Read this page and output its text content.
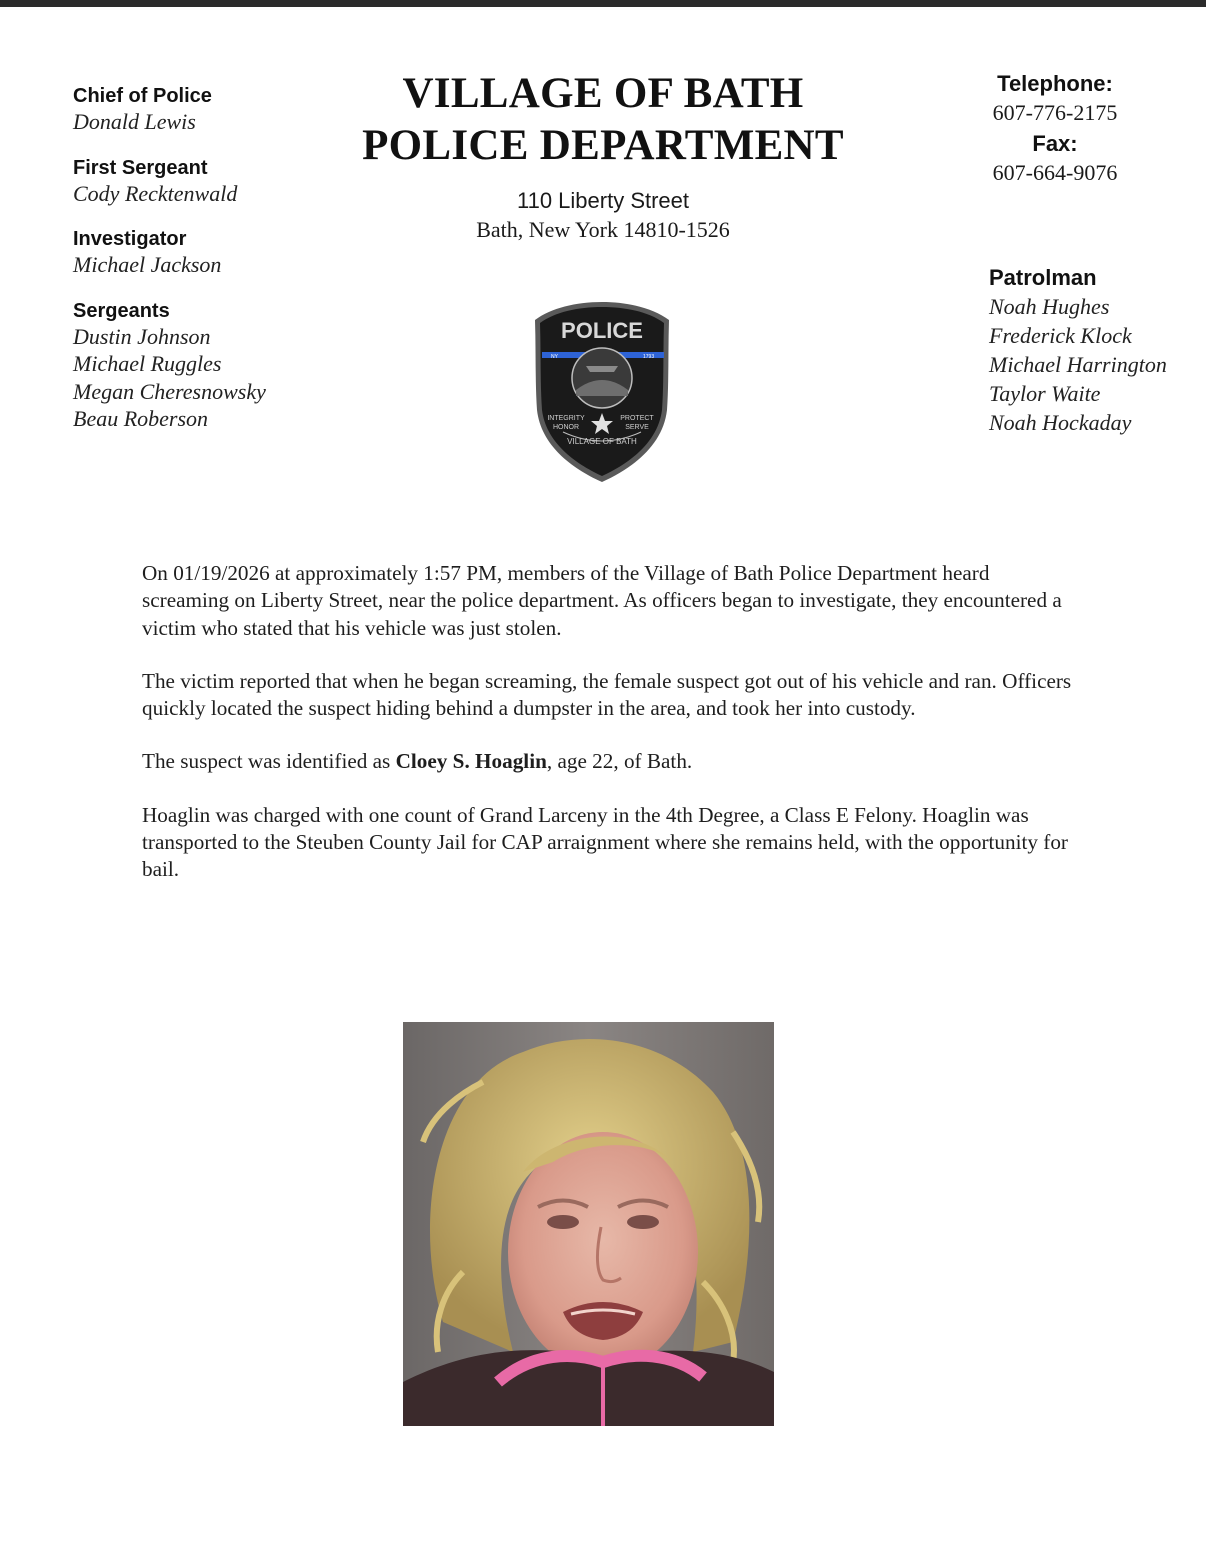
Chief of Police
Donald Lewis
First Sergeant
Cody Recktenwald
Investigator
Michael Jackson
Sergeants
Dustin Johnson
Michael Ruggles
Megan Cheresnowsky
Beau Roberson
VILLAGE OF BATH
POLICE DEPARTMENT
110 Liberty Street
Bath, New York 14810-1526
POLICE
NY	1793
INTEGRITY
HONOR
PROTECT
SERVE
VILLAGE OF BATH
Telephone:
607-776-2175
Fax:
607-664-9076
Patrolman
Noah Hughes
Frederick Klock
Michael Harrington
Taylor Waite
Noah Hockaday

On 01/19/2026 at approximately 1:57 PM, members of the Village of Bath Police Department heard screaming on Liberty Street, near the police department. As officers began to investigate, they encountered a victim who stated that his vehicle was just stolen.

The victim reported that when he began screaming, the female suspect got out of his vehicle and ran. Officers quickly located the suspect hiding behind a dumpster in the area, and took her into custody.

The suspect was identified as Cloey S. Hoaglin, age 22, of Bath.

Hoaglin was charged with one count of Grand Larceny in the 4th Degree, a Class E Felony. Hoaglin was transported to the Steuben County Jail for CAP arraignment where she remains held, with the opportunity for bail.
